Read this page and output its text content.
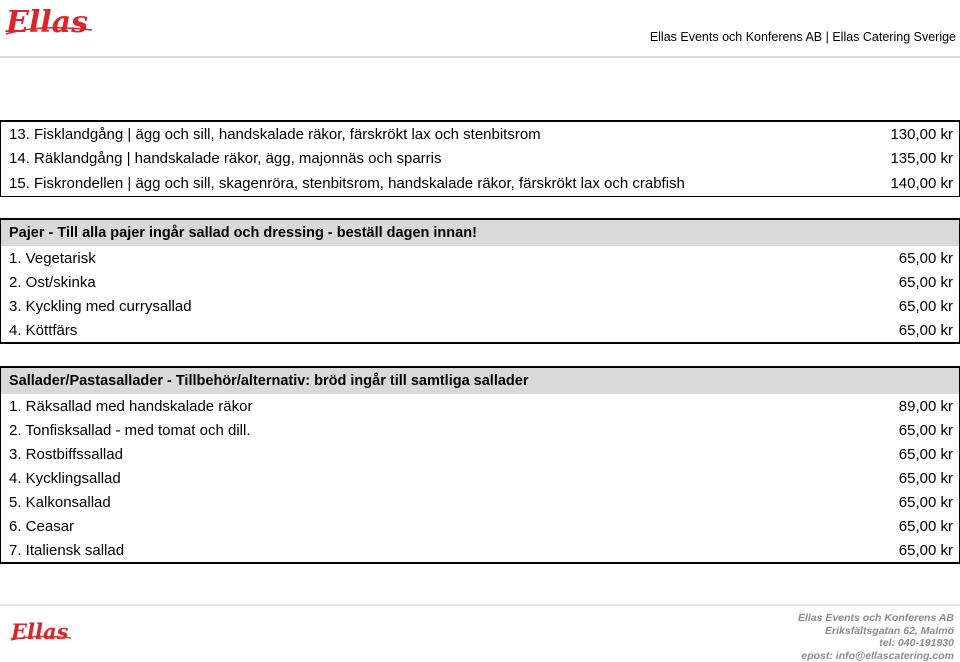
Ellas	Ellas Events och Konferens AB | Ellas Catering Sverige
13. Fisklandgång | ägg och sill, handskalade räkor, färskrökt lax och stenbitsrom	130,00 kr
14. Räklandgång | handskalade räkor, ägg, majonnäs och sparris	135,00 kr
15. Fiskrondellen | ägg och sill, skagenröra, stenbitsrom, handskalade räkor, färskrökt lax och crabfish	140,00 kr
Pajer - Till alla pajer ingår sallad och dressing - beställ dagen innan!
1. Vegetarisk	65,00 kr
2. Ost/skinka	65,00 kr
3. Kyckling med currysallad	65,00 kr
4. Köttfärs	65,00 kr
Sallader/Pastasallader - Tillbehör/alternativ: bröd ingår till samtliga sallader
1. Räksallad med handskalade räkor	89,00 kr
2. Tonfisksallad - med tomat och dill.	65,00 kr
3. Rostbiffssallad	65,00 kr
4. Kycklingsallad	65,00 kr
5. Kalkonsallad	65,00 kr
6. Ceasar	65,00 kr
7. Italiensk sallad	65,00 kr
Ellas
Ellas Events och Konferens AB
Eriksfältsgatan 62, Malmö
tel: 040-191930
epost: info@ellascatering.com
